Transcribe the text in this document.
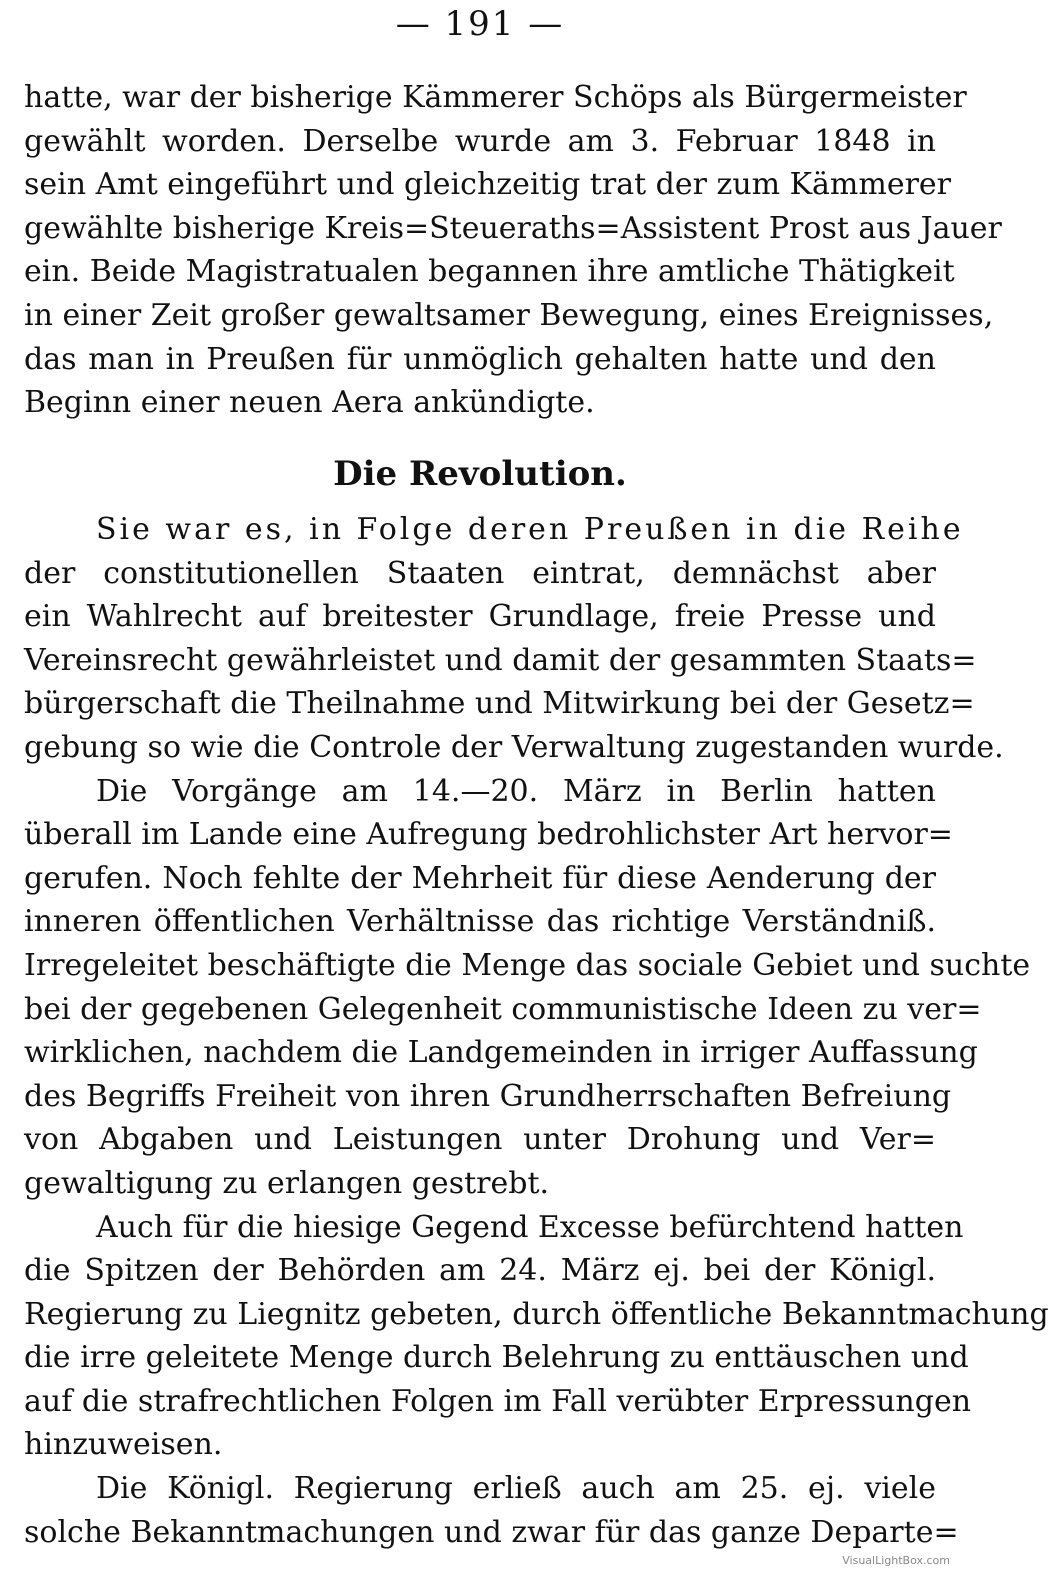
— 191 —
hatte, war der bisherige Kämmerer Schöps als Bürgermeister
gewählt worden. Derselbe wurde am 3. Februar 1848 in
sein Amt eingeführt und gleichzeitig trat der zum Kämmerer
gewählte bisherige Kreis=Steueraths=Assistent Prost aus Jauer
ein. Beide Magistratualen begannen ihre amtliche Thätigkeit
in einer Zeit großer gewaltsamer Bewegung, eines Ereignisses,
das man in Preußen für unmöglich gehalten hatte und den
Beginn einer neuen Aera ankündigte.
Die Revolution.
Sie war es, in Folge deren Preußen in die Reihe
der constitutionellen Staaten eintrat, demnächst aber
ein Wahlrecht auf breitester Grundlage, freie Presse und
Vereinsrecht gewährleistet und damit der gesammten Staats=
bürgerschaft die Theilnahme und Mitwirkung bei der Gesetz=
gebung so wie die Controle der Verwaltung zugestanden wurde.
Die Vorgänge am 14.—20. März in Berlin hatten
überall im Lande eine Aufregung bedrohlichster Art hervor=
gerufen. Noch fehlte der Mehrheit für diese Aenderung der
inneren öffentlichen Verhältnisse das richtige Verständniß.
Irregeleitet beschäftigte die Menge das sociale Gebiet und suchte
bei der gegebenen Gelegenheit communistische Ideen zu ver=
wirklichen, nachdem die Landgemeinden in irriger Auffassung
des Begriffs Freiheit von ihren Grundherrschaften Befreiung
von Abgaben und Leistungen unter Drohung und Ver=
gewaltigung zu erlangen gestrebt.
Auch für die hiesige Gegend Excesse befürchtend hatten
die Spitzen der Behörden am 24. März ej. bei der Königl.
Regierung zu Liegnitz gebeten, durch öffentliche Bekanntmachung
die irre geleitete Menge durch Belehrung zu enttäuschen und
auf die strafrechtlichen Folgen im Fall verübter Erpressungen
hinzuweisen.
Die Königl. Regierung erließ auch am 25. ej. viele
solche Bekanntmachungen und zwar für das ganze Departe=
VisualLightBox.com
